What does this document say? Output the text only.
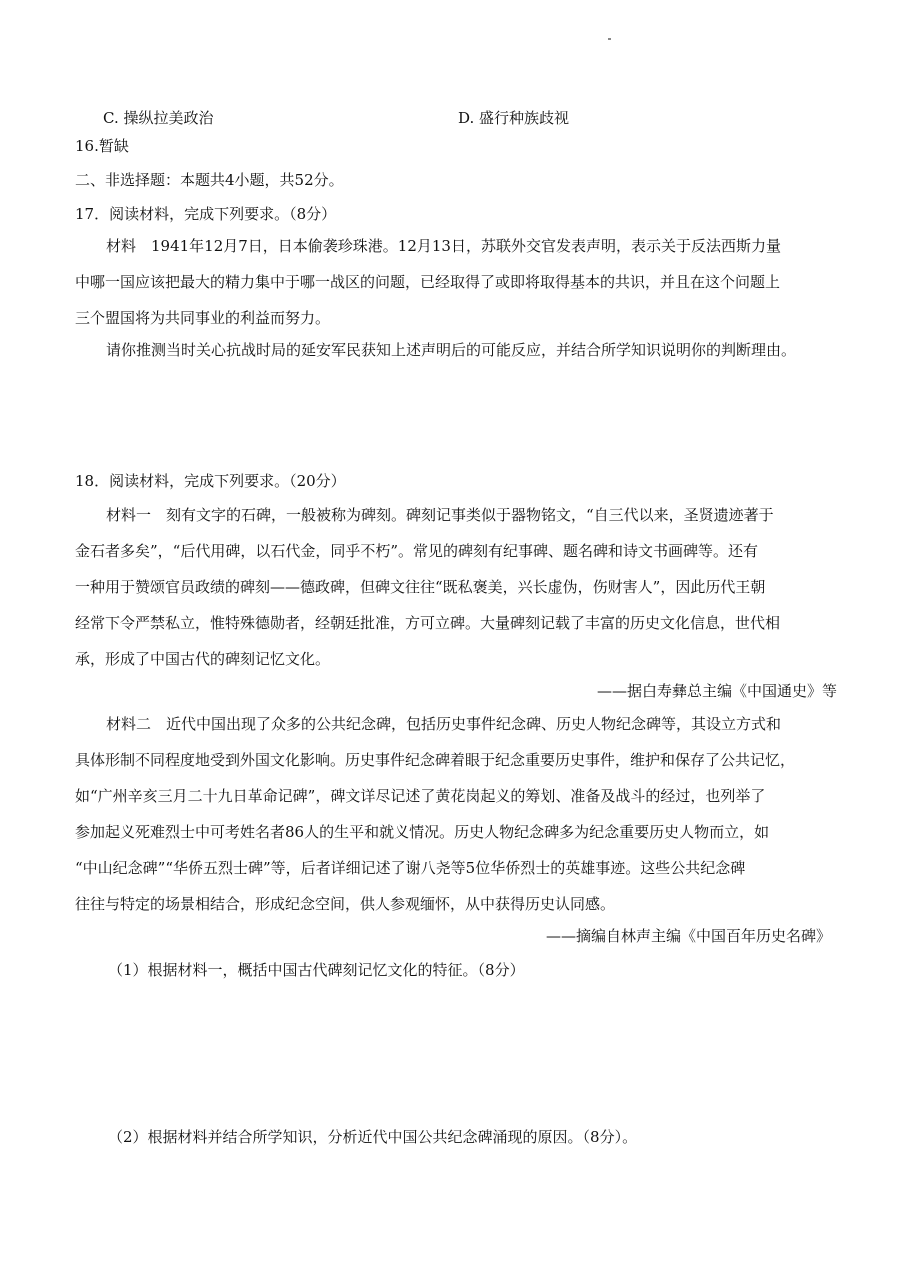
C. 操纵拉美政治	D. 盛行种族歧视
16.暂缺
二、非选择题：本题共4小题，共52分。
17．阅读材料，完成下列要求。（8分）
材料　1941年12月7日，日本偷袭珍珠港。12月13日，苏联外交官发表声明，表示关于反法西斯力量
中哪一国应该把最大的精力集中于哪一战区的问题，已经取得了或即将取得基本的共识，并且在这个问题上
三个盟国将为共同事业的利益而努力。
请你推测当时关心抗战时局的延安军民获知上述声明后的可能反应，并结合所学知识说明你的判断理由。
18．阅读材料，完成下列要求。（20分）
材料一　刻有文字的石碑，一般被称为碑刻。碑刻记事类似于器物铭文，“自三代以来，圣贤遗迹著于
金石者多矣”，“后代用碑，以石代金，同乎不朽”。常见的碑刻有纪事碑、题名碑和诗文书画碑等。还有
一种用于赞颂官员政绩的碑刻——德政碑，但碑文往往“既私褒美，兴长虚伪，伤财害人”，因此历代王朝
经常下令严禁私立，惟特殊德勋者，经朝廷批准，方可立碑。大量碑刻记载了丰富的历史文化信息，世代相
承，形成了中国古代的碑刻记忆文化。
——据白寿彝总主编《中国通史》等
材料二　近代中国出现了众多的公共纪念碑，包括历史事件纪念碑、历史人物纪念碑等，其设立方式和
具体形制不同程度地受到外国文化影响。历史事件纪念碑着眼于纪念重要历史事件，维护和保存了公共记忆，
如“广州辛亥三月二十九日革命记碑”，碑文详尽记述了黄花岗起义的筹划、准备及战斗的经过，也列举了
参加起义死难烈士中可考姓名者86人的生平和就义情况。历史人物纪念碑多为纪念重要历史人物而立，如
“中山纪念碑”“华侨五烈士碑”等，后者详细记述了谢八尧等5位华侨烈士的英雄事迹。这些公共纪念碑
往往与特定的场景相结合，形成纪念空间，供人参观缅怀，从中获得历史认同感。
——摘编自林声主编《中国百年历史名碑》
（1）根据材料一，概括中国古代碑刻记忆文化的特征。（8分）
（2）根据材料并结合所学知识，分析近代中国公共纪念碑涌现的原因。（8分）。
